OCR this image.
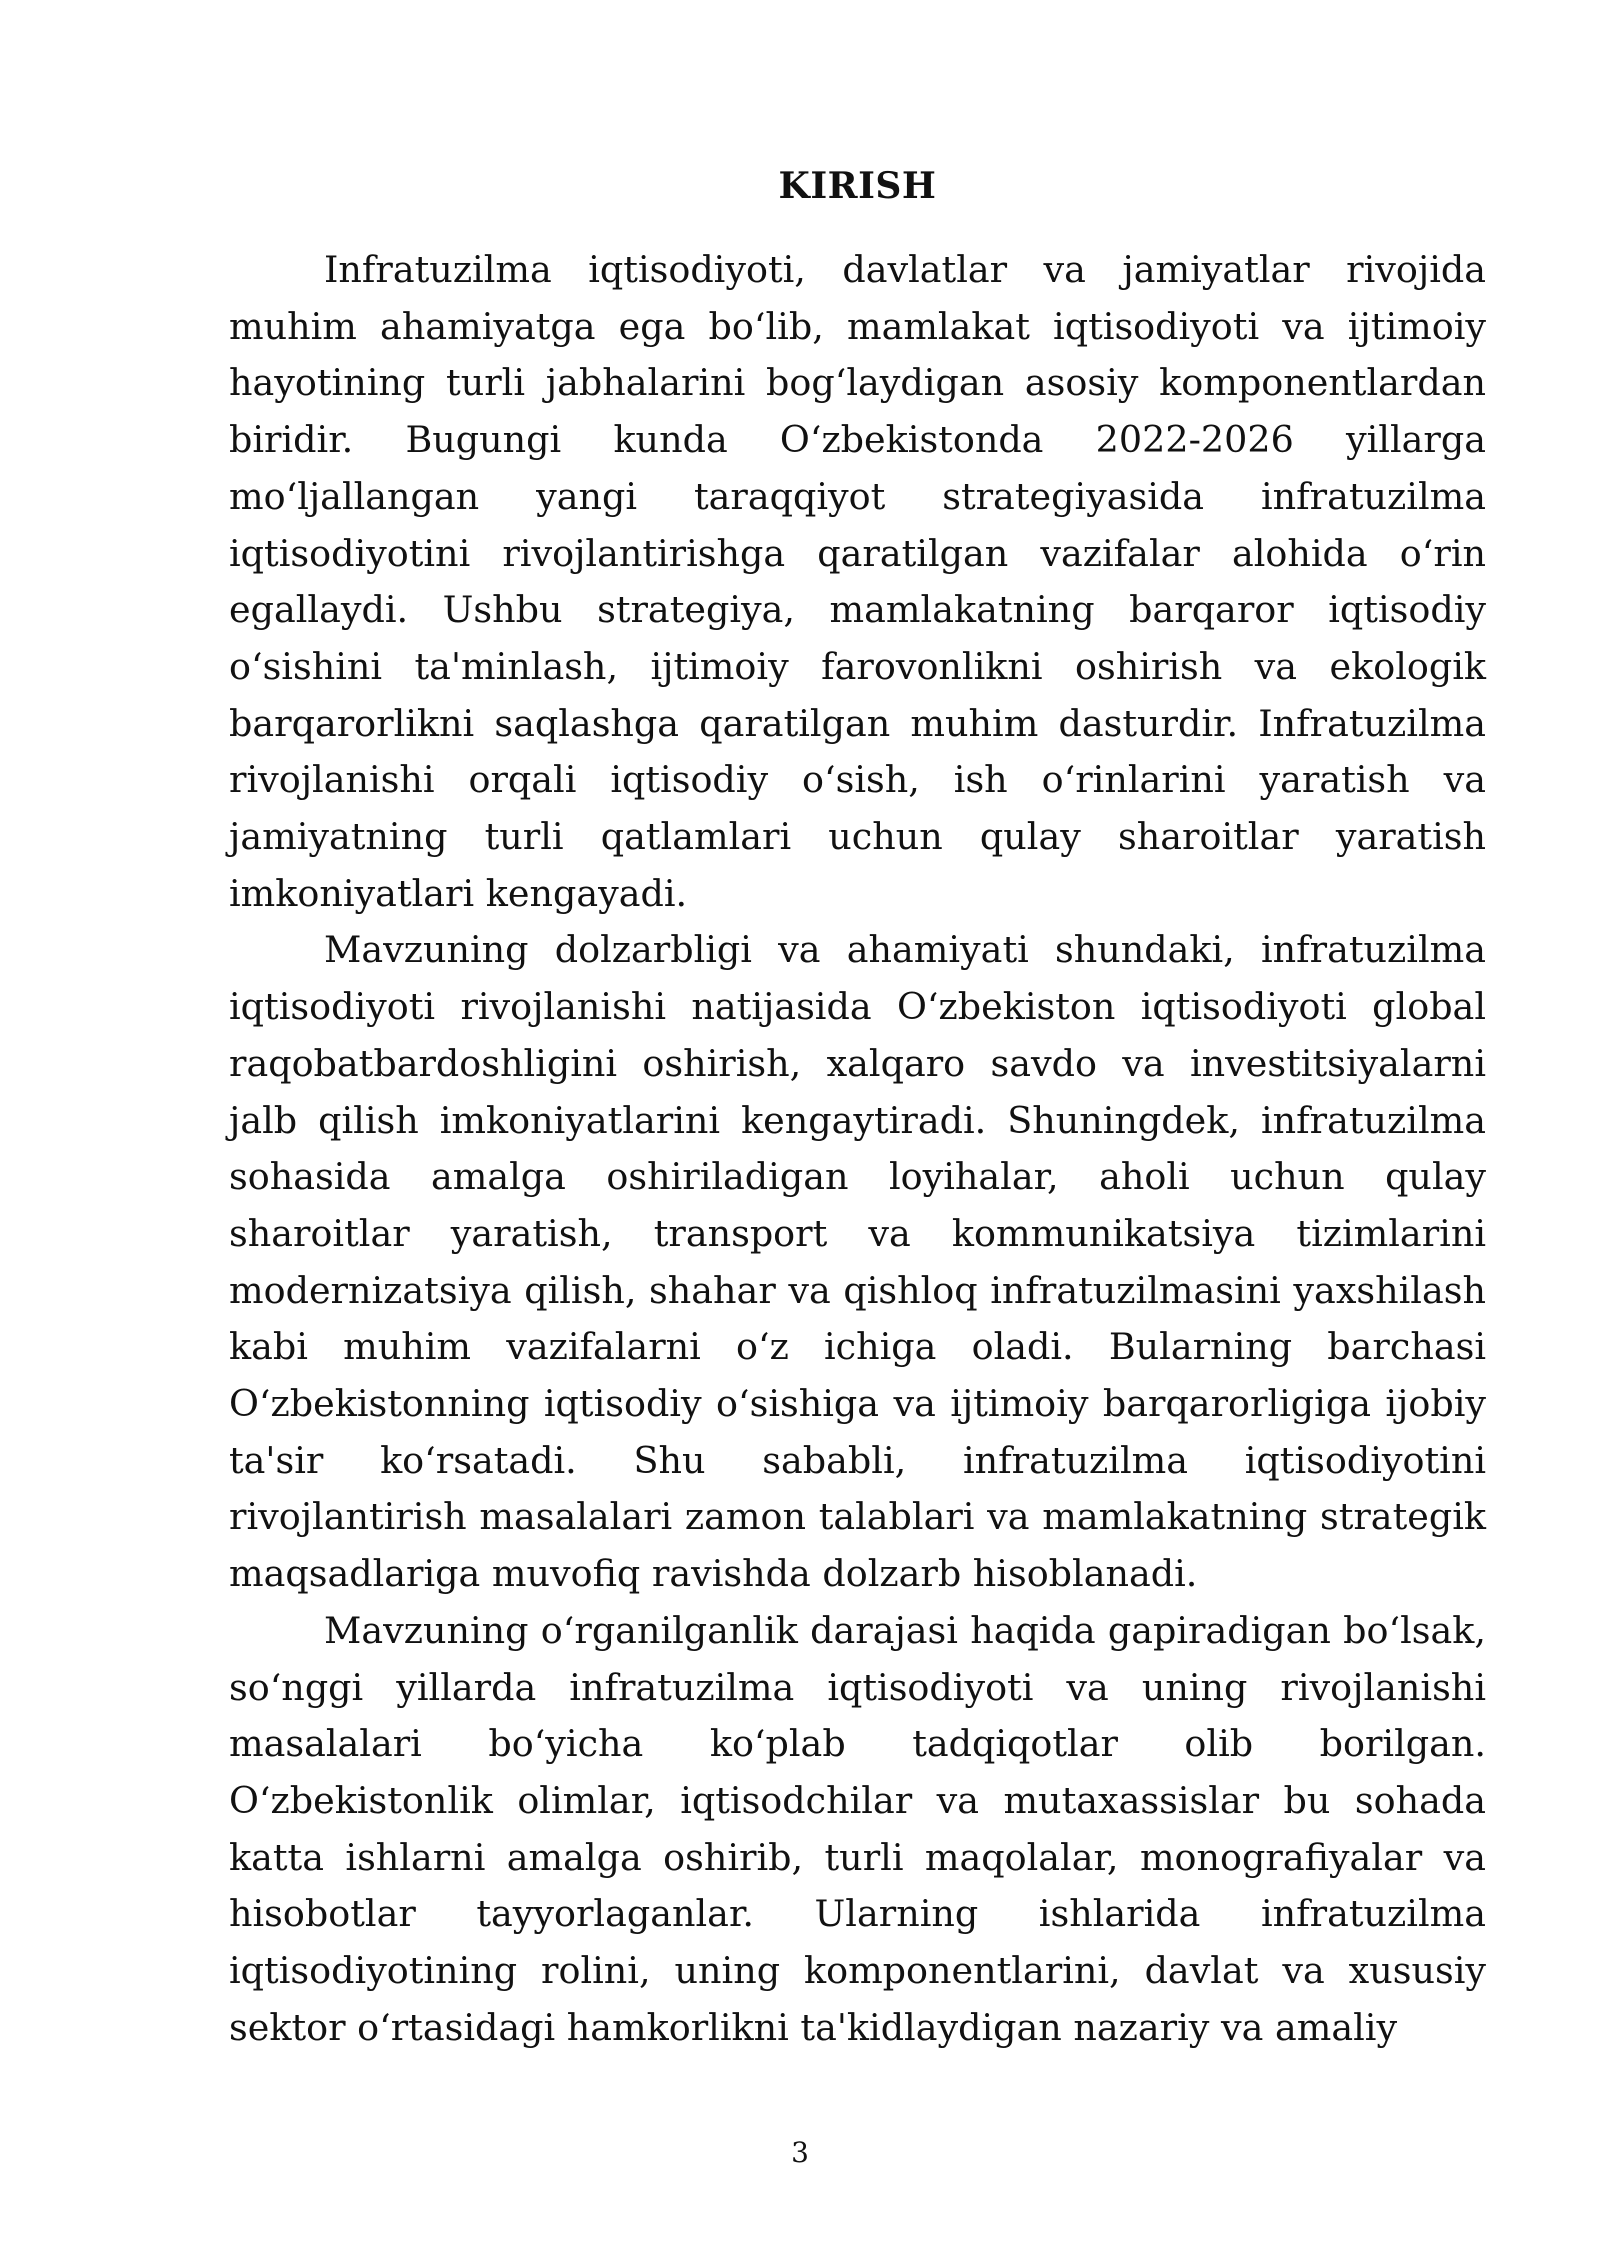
KIRISH

Infratuzilma iqtisodiyoti, davlatlar va jamiyatlar rivojida muhim ahamiyatga ega bo‘lib, mamlakat iqtisodiyoti va ijtimoiy hayotining turli jabhalarini bog‘laydigan asosiy komponentlardan biridir. Bugungi kunda O‘zbekistonda 2022-2026 yillarga mo‘ljallangan yangi taraqqiyot strategiyasida infratuzilma iqtisodiyotini rivojlantirishga qaratilgan vazifalar alohida o‘rin egallaydi. Ushbu strategiya, mamlakatning barqaror iqtisodiy o‘sishini ta'minlash, ijtimoiy farovonlikni oshirish va ekologik barqarorlikni saqlashga qaratilgan muhim dasturdir. Infratuzilma rivojlanishi orqali iqtisodiy o‘sish, ish o‘rinlarini yaratish va jamiyatning turli qatlamlari uchun qulay sharoitlar yaratish imkoniyatlari kengayadi.

Mavzuning dolzarbligi va ahamiyati shundaki, infratuzilma iqtisodiyoti rivojlanishi natijasida O‘zbekiston iqtisodiyoti global raqobatbardoshligini oshirish, xalqaro savdo va investitsiyalarni jalb qilish imkoniyatlarini kengaytiradi. Shuningdek, infratuzilma sohasida amalga oshiriladigan loyihalar, aholi uchun qulay sharoitlar yaratish, transport va kommunikatsiya tizimlarini modernizatsiya qilish, shahar va qishloq infratuzilmasini yaxshilash kabi muhim vazifalarni o‘z ichiga oladi. Bularning barchasi O‘zbekistonning iqtisodiy o‘sishiga va ijtimoiy barqarorligiga ijobiy ta'sir ko‘rsatadi. Shu sababli, infratuzilma iqtisodiyotini rivojlantirish masalalari zamon talablari va mamlakatning strategik maqsadlariga muvofiq ravishda dolzarb hisoblanadi.

Mavzuning o‘rganilganlik darajasi haqida gapiradigan bo‘lsak, so‘nggi yillarda infratuzilma iqtisodiyoti va uning rivojlanishi masalalari bo‘yicha ko‘plab tadqiqotlar olib borilgan. O‘zbekistonlik olimlar, iqtisodchilar va mutaxassislar bu sohada katta ishlarni amalga oshirib, turli maqolalar, monografiyalar va hisobotlar tayyorlaganlar. Ularning ishlarida infratuzilma iqtisodiyotining rolini, uning komponentlarini, davlat va xususiy sektor o‘rtasidagi hamkorlikni ta'kidlaydigan nazariy va amaliy

3
